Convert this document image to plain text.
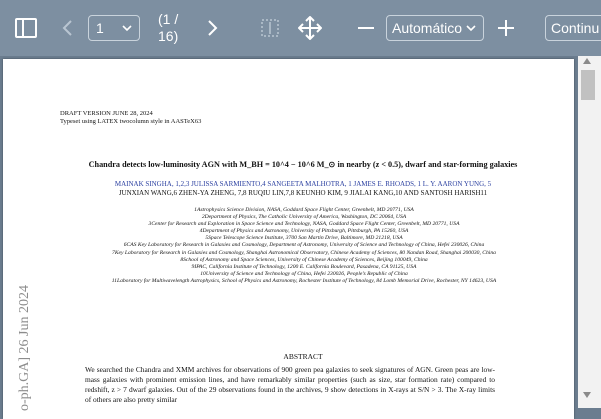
1
(1 /
16)	Automático	Continu
DRAFT VERSION JUNE 28, 2024
Typeset using LATEX twocolumn style in AASTeX63
Chandra detects low-luminosity AGN with M_BH = 10^4 − 10^6 M_⊙ in nearby (z < 0.5), dwarf and star-forming galaxies
MAINAK SINGHA, 1,2,3 JULISSA SARMIENTO,4 SANGEETA MALHOTRA, 1 JAMES E. RHOADS, 1 L. Y. AARON YUNG, 5
JUNXIAN WANG,6 ZHEN-YA ZHENG, 7,8 RUQIU LIN,7,8 KEUNHO KIM, 9 JIALAI KANG,10 AND SANTOSH HARISH11
1Astrophysics Science Division, NASA, Goddard Space Flight Center, Greenbelt, MD 20771, USA
2Department of Physics, The Catholic University of America, Washington, DC 20064, USA
3Center for Research and Exploration in Space Science and Technology, NASA, Goddard Space Flight Center, Greenbelt, MD 20771, USA
4Department of Physics and Astronomy, University of Pittsburgh, Pittsburgh, PA 15260, USA
5Space Telescope Science Institute, 3700 San Martin Drive, Baltimore, MD 21218, USA
6CAS Key Laboratory for Research in Galaxies and Cosmology, Department of Astronomy, University of Science and Technology of China, Hefei 230026, China
7Key Laboratory for Research in Galaxies and Cosmology, Shanghai Astronomical Observatory, Chinese Academy of Sciences, 80 Nandan Road, Shanghai 200030, China
8School of Astronomy and Space Sciences, University of Chinese Academy of Sciences, Beijing 100049, China
9IPAC, California Institute of Technology, 1200 E. California Boulevard, Pasadena, CA 91125, USA
10University of Science and Technology of China, Hefei 230026, People’s Republic of China
11Laboratory for Multiwavelength Astrophysics, School of Physics and Astronomy, Rochester Institute of Technology, 84 Lomb Memorial Drive, Rochester, NY 14623, USA
ABSTRACT
We searched the Chandra and XMM archives for observations of 900 green pea galaxies to seek signatures of AGN. Green peas are low-mass galaxies with prominent emission lines, and have remarkably similar properties (such as size, star formation rate) compared to redshift, z > 7 dwarf galaxies. Out of the 29 observations found in the archives, 9 show detections in X-rays at S/N > 3. The X-ray limits of others are also pretty similar
o-ph.GA] 26 Jun 2024
